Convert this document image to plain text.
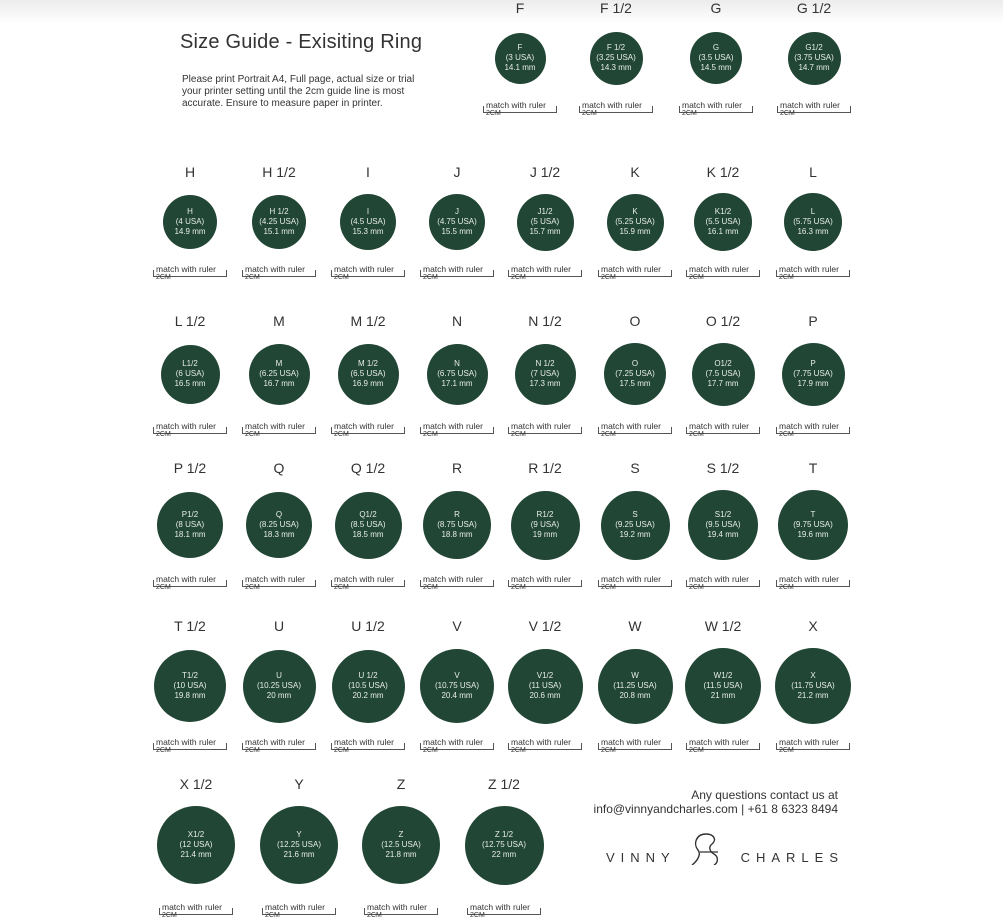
Size Guide - Exisiting Ring
Please print Portrait A4, Full page, actual size or trial your printer setting until the 2cm guide line is most accurate. Ensure to measure paper in printer.
F
F
(3 USA)
14.1 mm
match with ruler
2CM
F 1/2
F 1/2
(3.25 USA)
14.3 mm
match with ruler
2CM
G
G
(3.5 USA)
14.5 mm
match with ruler
2CM
G 1/2
G1/2
(3.75 USA)
14.7 mm
match with ruler
2CM
H
H
(4 USA)
14.9 mm
match with ruler
2CM
H 1/2
H 1/2
(4.25 USA)
15.1 mm
match with ruler
2CM
I
I
(4.5 USA)
15.3 mm
match with ruler
2CM
J
J
(4.75 USA)
15.5 mm
match with ruler
2CM
J 1/2
J1/2
(5 USA)
15.7 mm
match with ruler
2CM
K
K
(5.25 USA)
15.9 mm
match with ruler
2CM
K 1/2
K1/2
(5.5 USA)
16.1 mm
match with ruler
2CM
L
L
(5.75 USA)
16.3 mm
match with ruler
2CM
L 1/2
L1/2
(6 USA)
16.5 mm
match with ruler
2CM
M
M
(6.25 USA)
16.7 mm
match with ruler
2CM
M 1/2
M 1/2
(6.5 USA)
16.9 mm
match with ruler
2CM
N
N
(6.75 USA)
17.1 mm
match with ruler
2CM
N 1/2
N 1/2
(7 USA)
17.3 mm
match with ruler
2CM
O
O
(7.25 USA)
17.5 mm
match with ruler
2CM
O 1/2
O1/2
(7.5 USA)
17.7 mm
match with ruler
2CM
P
P
(7.75 USA)
17.9 mm
match with ruler
2CM
P 1/2
P1/2
(8 USA)
18.1 mm
match with ruler
2CM
Q
Q
(8.25 USA)
18.3 mm
match with ruler
2CM
Q 1/2
Q1/2
(8.5 USA)
18.5 mm
match with ruler
2CM
R
R
(8.75 USA)
18.8 mm
match with ruler
2CM
R 1/2
R1/2
(9 USA)
19 mm
match with ruler
2CM
S
S
(9.25 USA)
19.2 mm
match with ruler
2CM
S 1/2
S1/2
(9.5 USA)
19.4 mm
match with ruler
2CM
T
T
(9.75 USA)
19.6 mm
match with ruler
2CM
T 1/2
T1/2
(10 USA)
19.8 mm
match with ruler
2CM
U
U
(10.25 USA)
20 mm
match with ruler
2CM
U 1/2
U 1/2
(10.5 USA)
20.2 mm
match with ruler
2CM
V
V
(10.75 USA)
20.4 mm
match with ruler
2CM
V 1/2
V1/2
(11 USA)
20.6 mm
match with ruler
2CM
W
W
(11.25 USA)
20.8 mm
match with ruler
2CM
W 1/2
W1/2
(11.5 USA)
21 mm
match with ruler
2CM
X
X
(11.75 USA)
21.2 mm
match with ruler
2CM
X 1/2
X1/2
(12 USA)
21.4 mm
match with ruler
2CM
Y
Y
(12.25 USA)
21.6 mm
match with ruler
2CM
Z
Z
(12.5 USA)
21.8 mm
match with ruler
2CM
Z 1/2
Z 1/2
(12.75 USA)
22 mm
match with ruler
2CM
Any questions contact us at
info@vinnyandcharles.com | +61 8 6323 8494
VINNY	CHARLES
